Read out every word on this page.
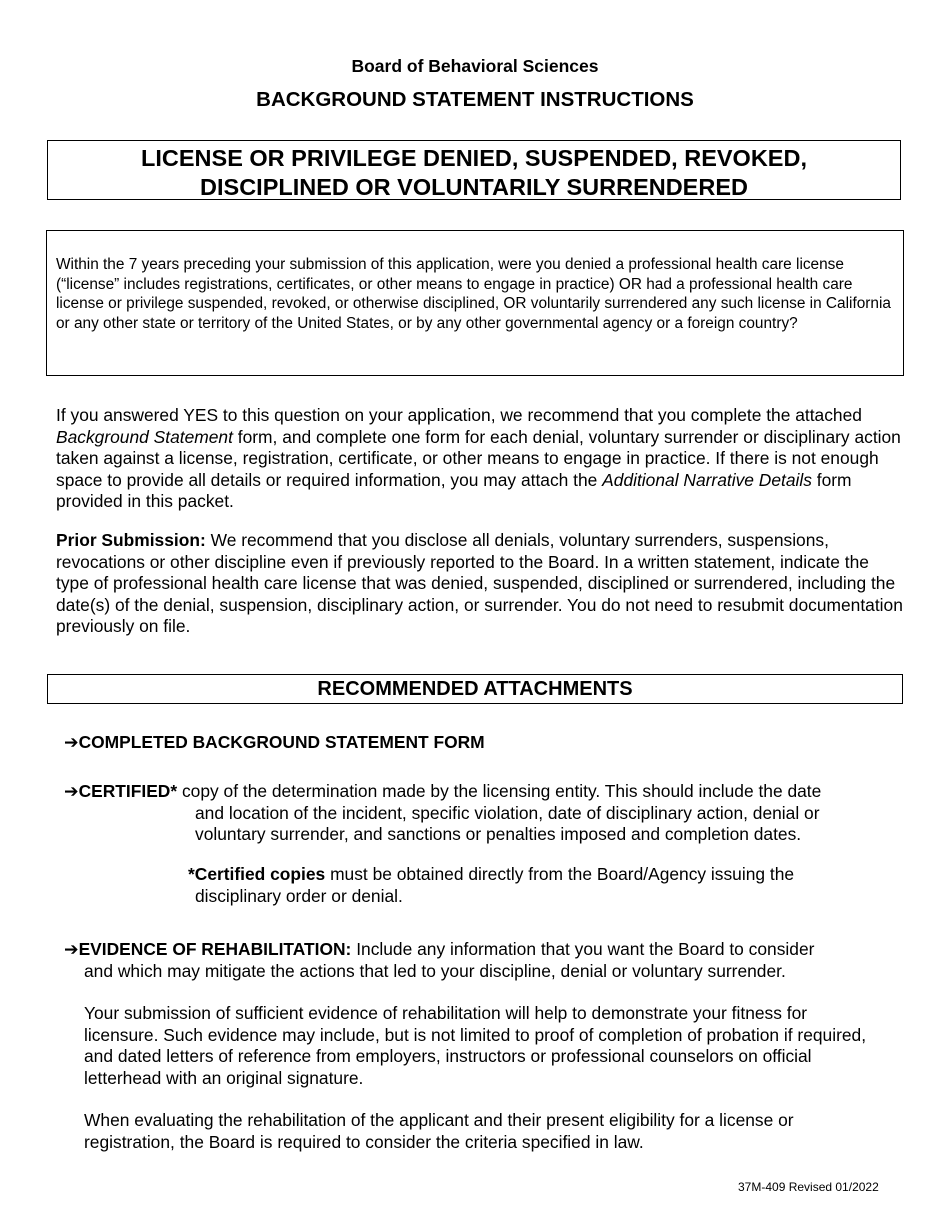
Board of Behavioral Sciences
BACKGROUND STATEMENT INSTRUCTIONS
LICENSE OR PRIVILEGE DENIED, SUSPENDED, REVOKED,
DISCIPLINED OR VOLUNTARILY SURRENDERED
Within the 7 years preceding your submission of this application, were you denied a professional health care license (“license” includes registrations, certificates, or other means to engage in practice) OR had a professional health care license or privilege suspended, revoked, or otherwise disciplined, OR voluntarily surrendered any such license in California or any other state or territory of the United States, or by any other governmental agency or a foreign country?
If you answered YES to this question on your application, we recommend that you complete the attached Background Statement form, and complete one form for each denial, voluntary surrender or disciplinary action taken against a license, registration, certificate, or other means to engage in practice. If there is not enough space to provide all details or required information, you may attach the Additional Narrative Details form provided in this packet.
Prior Submission: We recommend that you disclose all denials, voluntary surrenders, suspensions, revocations or other discipline even if previously reported to the Board. In a written statement, indicate the type of professional health care license that was denied, suspended, disciplined or surrendered, including the date(s) of the denial, suspension, disciplinary action, or surrender. You do not need to resubmit documentation previously on file.
RECOMMENDED ATTACHMENTS
➔COMPLETED BACKGROUND STATEMENT FORM
➔CERTIFIED* copy of the determination made by the licensing entity. This should include the date
and location of the incident, specific violation, date of disciplinary action, denial or voluntary surrender, and sanctions or penalties imposed and completion dates.
*Certified copies must be obtained directly from the Board/Agency issuing the
disciplinary order or denial.
➔EVIDENCE OF REHABILITATION: Include any information that you want the Board to consider
and which may mitigate the actions that led to your discipline, denial or voluntary surrender.
Your submission of sufficient evidence of rehabilitation will help to demonstrate your fitness for licensure. Such evidence may include, but is not limited to proof of completion of probation if required, and dated letters of reference from employers, instructors or professional counselors on official letterhead with an original signature.
When evaluating the rehabilitation of the applicant and their present eligibility for a license or registration, the Board is required to consider the criteria specified in law.
37M-409 Revised 01/2022
